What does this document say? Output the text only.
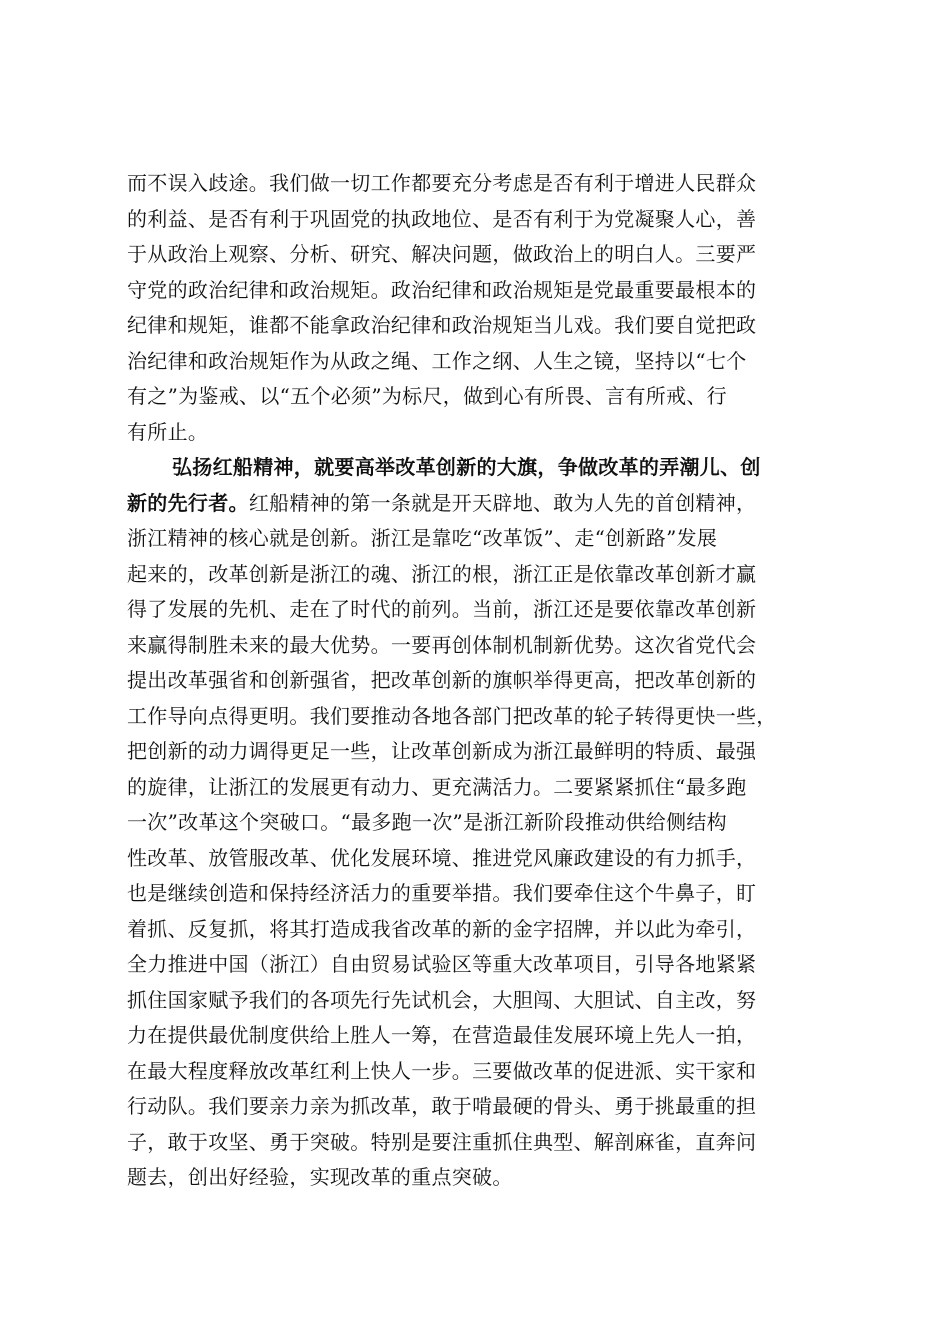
而不误入歧途。我们做一切工作都要充分考虑是否有利于增进人民群众
的利益、是否有利于巩固党的执政地位、是否有利于为党凝聚人心，善
于从政治上观察、分析、研究、解决问题，做政治上的明白人。三要严
守党的政治纪律和政治规矩。政治纪律和政治规矩是党最重要最根本的
纪律和规矩，谁都不能拿政治纪律和政治规矩当儿戏。我们要自觉把政
治纪律和政治规矩作为从政之绳、工作之纲、人生之镜，坚持以“七个
有之”为鉴戒、以“五个必须”为标尺，做到心有所畏、言有所戒、行
有所止。
弘扬红船精神，就要高举改革创新的大旗，争做改革的弄潮儿、创
新的先行者。红船精神的第一条就是开天辟地、敢为人先的首创精神，
浙江精神的核心就是创新。浙江是靠吃“改革饭”、走“创新路”发展
起来的，改革创新是浙江的魂、浙江的根，浙江正是依靠改革创新才赢
得了发展的先机、走在了时代的前列。当前，浙江还是要依靠改革创新
来赢得制胜未来的最大优势。一要再创体制机制新优势。这次省党代会
提出改革强省和创新强省，把改革创新的旗帜举得更高，把改革创新的
工作导向点得更明。我们要推动各地各部门把改革的轮子转得更快一些，
把创新的动力调得更足一些，让改革创新成为浙江最鲜明的特质、最强
的旋律，让浙江的发展更有动力、更充满活力。二要紧紧抓住“最多跑
一次”改革这个突破口。“最多跑一次”是浙江新阶段推动供给侧结构
性改革、放管服改革、优化发展环境、推进党风廉政建设的有力抓手，
也是继续创造和保持经济活力的重要举措。我们要牵住这个牛鼻子，盯
着抓、反复抓，将其打造成我省改革的新的金字招牌，并以此为牵引，
全力推进中国（浙江）自由贸易试验区等重大改革项目，引导各地紧紧
抓住国家赋予我们的各项先行先试机会，大胆闯、大胆试、自主改，努
力在提供最优制度供给上胜人一筹，在营造最佳发展环境上先人一拍，
在最大程度释放改革红利上快人一步。三要做改革的促进派、实干家和
行动队。我们要亲力亲为抓改革，敢于啃最硬的骨头、勇于挑最重的担
子，敢于攻坚、勇于突破。特别是要注重抓住典型、解剖麻雀，直奔问
题去，创出好经验，实现改革的重点突破。
